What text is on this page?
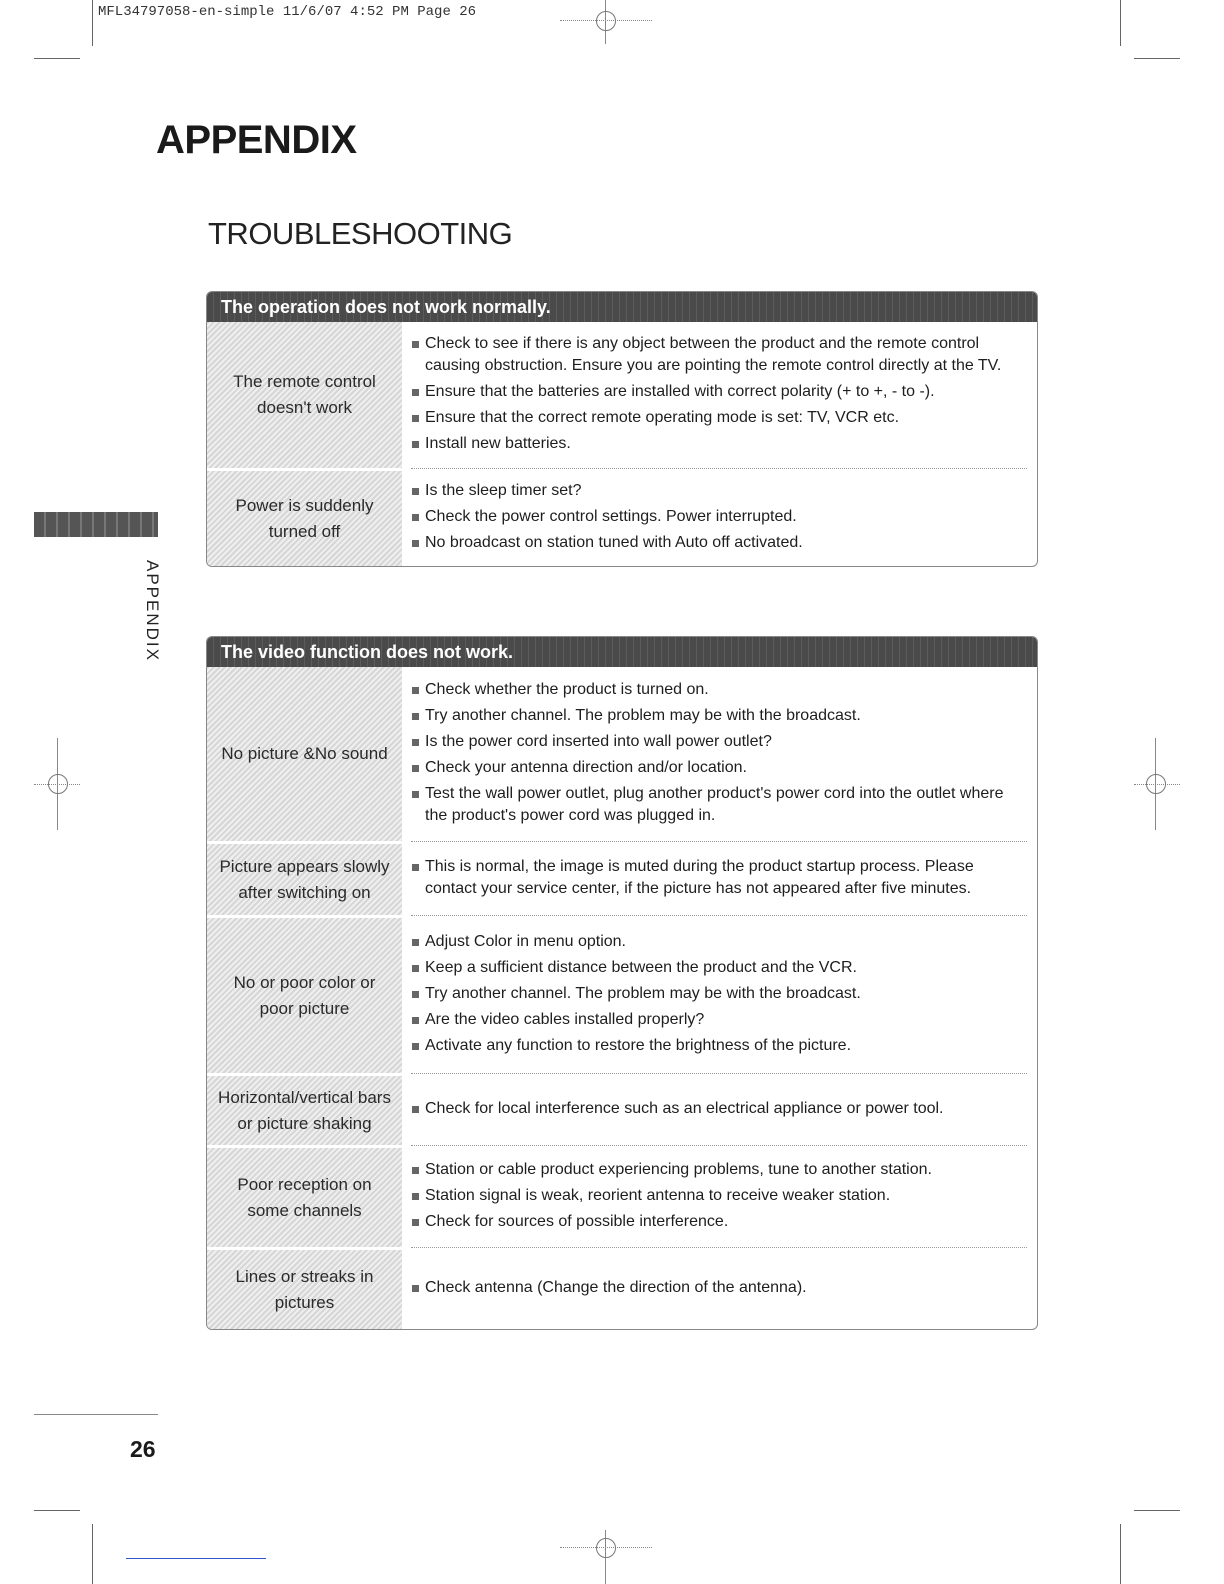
MFL34797058-en-simple 11/6/07 4:52 PM Page 26
APPENDIX
TROUBLESHOOTING
APPENDIX
The operation does not work normally.
The remote control doesn't work
Check to see if there is any object between the product and the remote control causing obstruction. Ensure you are pointing the remote control directly at the TV.
Ensure that the batteries are installed with correct polarity (+ to +, - to -).
Ensure that the correct remote operating mode is set: TV, VCR etc.
Install new batteries.
Power is suddenly turned off
Is the sleep timer set?
Check the power control settings. Power interrupted.
No broadcast on station tuned with Auto off activated.
The video function does not work.
No picture &No sound
Check whether the product is turned on.
Try another channel. The problem may be with the broadcast.
Is the power cord inserted into wall power outlet?
Check your antenna direction and/or location.
Test the wall power outlet, plug another product's power cord into the outlet where the product's power cord was plugged in.
Picture appears slowly after switching on
This is normal, the image is muted during the product startup process. Please contact your service center, if the picture has not appeared after five minutes.
No or poor color or poor picture
Adjust Color in menu option.
Keep a sufficient distance between the product and the VCR.
Try another channel. The problem may be with the broadcast.
Are the video cables installed properly?
Activate any function to restore the brightness of the picture.
Horizontal/vertical bars or picture shaking
Check for local interference such as an electrical appliance or power tool.
Poor reception on some channels
Station or cable product experiencing problems, tune to another station.
Station signal is weak, reorient antenna to receive weaker station.
Check for sources of possible interference.
Lines or streaks in pictures
Check antenna (Change the direction of the antenna).
26
